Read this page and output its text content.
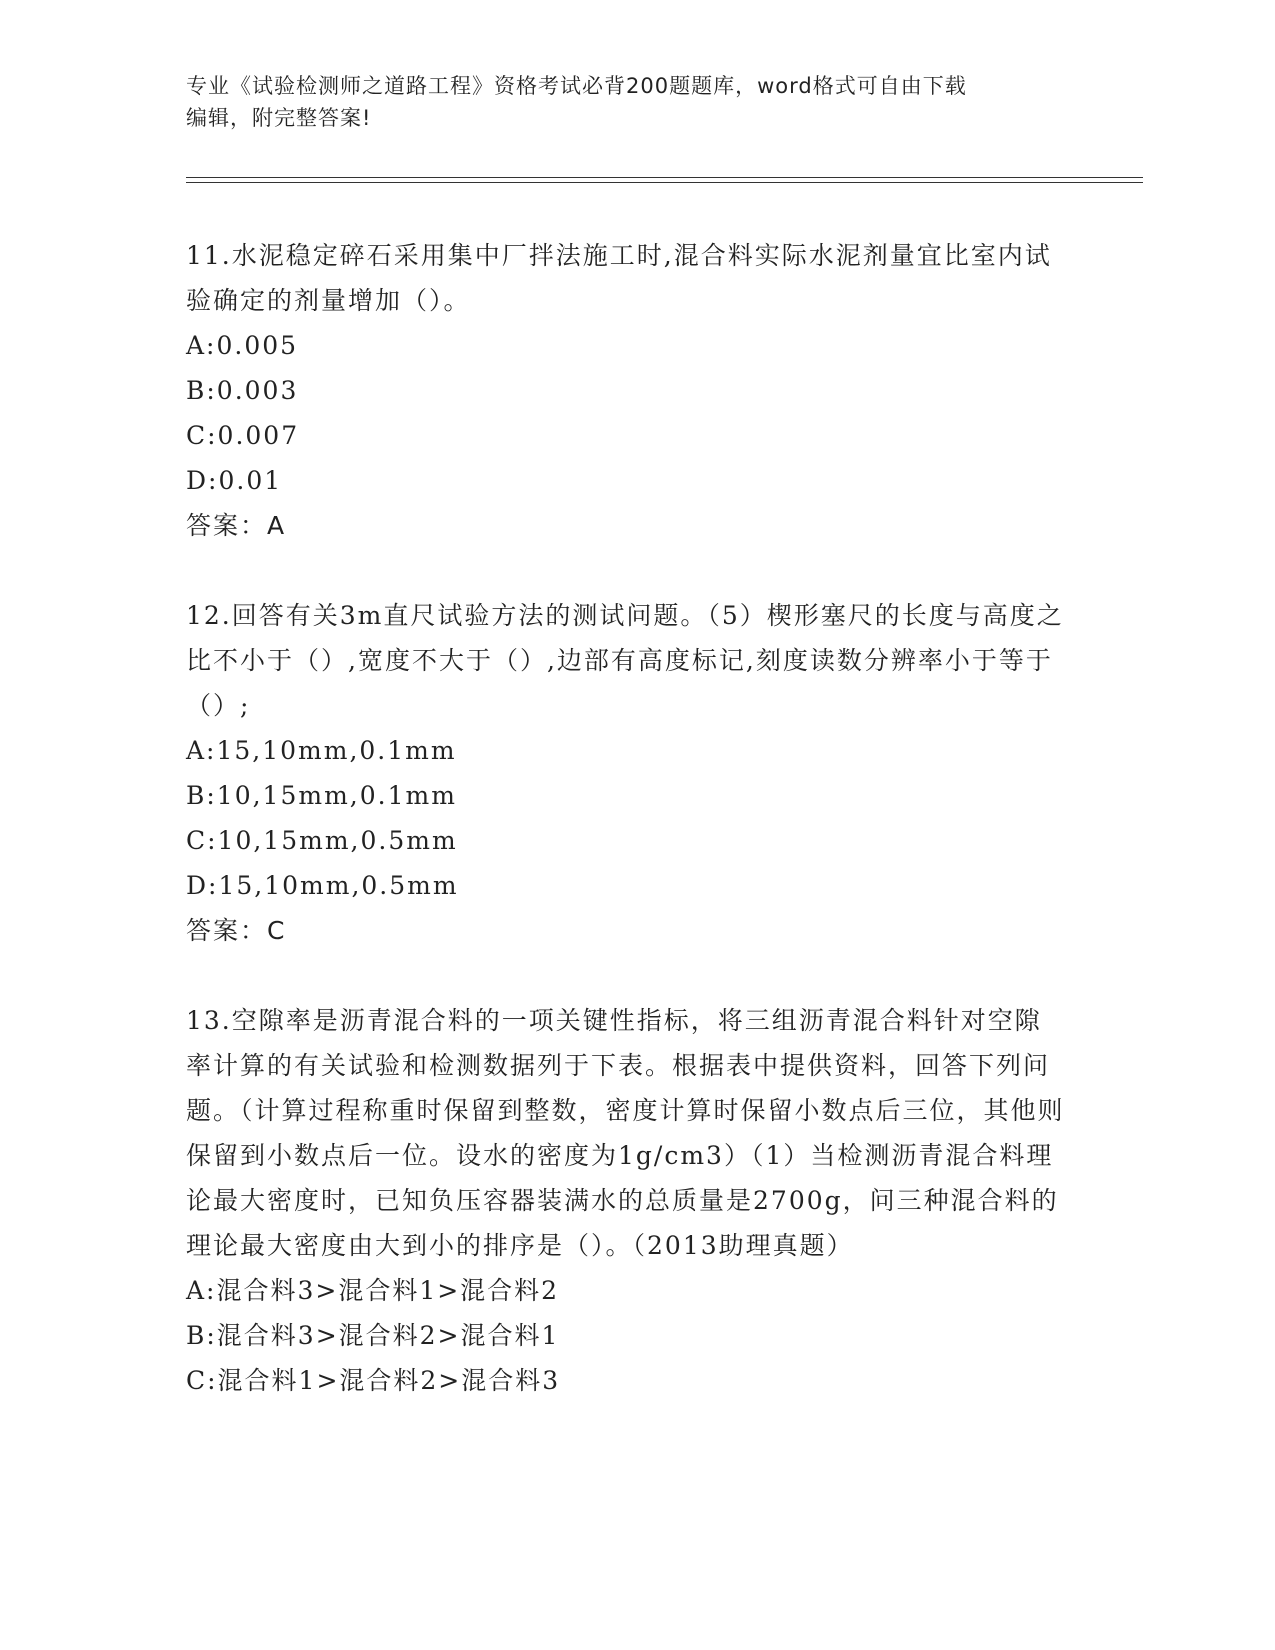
专业《试验检测师之道路工程》资格考试必背200题题库，word格式可自由下载
编辑，附完整答案!

11.水泥稳定碎石采用集中厂拌法施工时,混合料实际水泥剂量宜比室内试验确定的剂量增加（）。

A:0.005

B:0.003

C:0.007

D:0.01

答案：A

12.回答有关3m直尺试验方法的测试问题。（5）楔形塞尺的长度与高度之比不小于（）,宽度不大于（）,边部有高度标记,刻度读数分辨率小于等于（）;

A:15,10mm,0.1mm

B:10,15mm,0.1mm

C:10,15mm,0.5mm

D:15,10mm,0.5mm

答案：C

13.空隙率是沥青混合料的一项关键性指标，将三组沥青混合料针对空隙率计算的有关试验和检测数据列于下表。根据表中提供资料，回答下列问题。（计算过程称重时保留到整数，密度计算时保留小数点后三位，其他则保留到小数点后一位。设水的密度为1g/cm3）（1）当检测沥青混合料理论最大密度时，已知负压容器装满水的总质量是2700g，问三种混合料的理论最大密度由大到小的排序是（）。（2013助理真题）

A:混合料3>混合料1>混合料2

B:混合料3>混合料2>混合料1

C:混合料1>混合料2>混合料3
